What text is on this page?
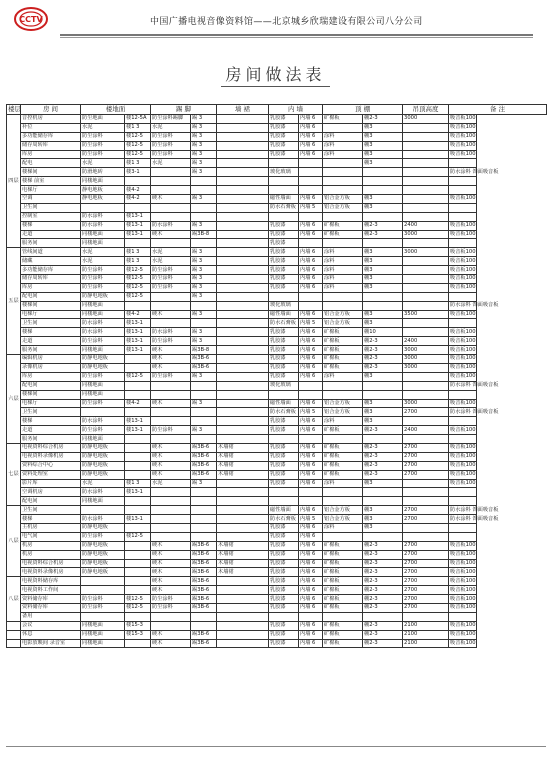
CCTV	中国广播电视音像资料馆——北京城乡欣瑞建设有限公司八分公司
房间做法表
楼层	房 间	楼地面		踢 脚		墙 裙	内 墙		顶 棚		吊顶高度	备 注
四层	音控机房	防尘地面	楼12-5A	防尘涂料踢脚	踢 3		乳胶漆	内墙 6	矿棉板	棚2-3	3000	吸音板100
	补位	水泥	楼1 3	水泥	踢 3		乳胶漆	内墙 6		棚3		吸音板100
	多功能储存库	防尘涂料	楼12-5	防尘涂料	踢 3		乳胶漆	内墙 6	涂料	棚3		吸音板100
	储存周转库	防尘涂料	楼12-5	防尘涂料	踢 3		乳胶漆	内墙 6	涂料	棚3		吸音板100
	库房	防尘涂料	楼12-5	防尘涂料	踢 3		乳胶漆	内墙 6	涂料	棚3		吸音板100
	配电	水泥	楼1 3	水泥	踢 3					棚3		
	楼梯间	防滑地砖	楼3-1		踢 3		玻化玻璃					防水涂料 饰面吸音板
	楼梯 前室	同楼地面										
	电梯厅	静电地板	楼4-2									
	空调	静电地板	楼4-2	硬木	踢 3		磁性墙面	内墙 6	铝合金方板	棚3		吸音板100
	卫生间						防水石膏板	内墙 5	铝合金方板	棚3		
	控制室	防水涂料	楼13-1									
	楼梯	防水涂料	楼13-1	防水涂料	踢 3		乳胶漆	内墙 6	矿棉板	棚2-3	2400	吸音板100
	走道	同楼地面	楼13-1	硬木	踢3B-8		乳胶漆	内墙 6	矿棉板	棚2-3	3000	吸音板100
	服务间	同楼地面					乳胶漆					
五层	管线间道	水泥	楼1 3	水泥	踢 3		乳胶漆	内墙 6	涂料	棚3	3000	吸音板100
	储藏	水泥	楼1 3	水泥	踢 3		乳胶漆	内墙 6	涂料	棚3		吸音板100
	多功能储存库	防尘涂料	楼12-5	防尘涂料	踢 3		乳胶漆	内墙 6	涂料	棚3		吸音板100
	储存周转库	防尘涂料	楼12-5	防尘涂料	踢 3		乳胶漆	内墙 6	涂料	棚3		吸音板100
	库房	防尘涂料	楼12-5	防尘涂料	踢 3		乳胶漆	内墙 6	涂料	棚3		吸音板100
	配电间	防静电地板	楼12-5		踢 3							
	楼梯间	同楼地面					玻化玻璃					防水涂料 饰面吸音板
	电梯厅	同楼地面	楼4-2	硬木	踢 3		磁性墙面	内墙 6	铝合金方板	棚3	3500	吸音板100
	卫生间	防水涂料	楼13-1				防水石膏板	内墙 5	铝合金方板	棚3		
	楼梯	防水涂料	楼13-1	防水涂料	踢 3		乳胶漆	内墙 6	矿棉板	棚10		吸音板100
	走道	防尘涂料	楼13-1	防尘涂料	踢 3		乳胶漆	内墙 6	矿棉板	棚2-3	2400	吸音板100
	服务间	同楼地面	楼13-1	硬木	踢3B-8		乳胶漆	内墙 6	矿棉板	棚2-3	3000	吸音板100
六层	编辑机房	防静电地板		硬木	踢3B-6		乳胶漆	内墙 6	矿棉板	棚2-3	3000	吸音板100
	录像机房	防静电地板		硬木	踢3B-6		乳胶漆	内墙 6	矿棉板	棚2-3	3000	吸音板100
	库房	防尘涂料	楼12-5	防尘涂料	踢 3		乳胶漆	内墙 6	涂料	棚3		吸音板100
	配电间	同楼地面					玻化玻璃					防水涂料 饰面吸音板
	楼梯间	同楼地面										
	电梯厅	防尘涂料	楼4-2	硬木	踢 3		磁性墙面	内墙 6	铝合金方板	棚3	3000	吸音板100
	卫生间						防水石膏板	内墙 5	铝合金方板	棚3	2700	防水涂料 饰面吸音板
	楼梯	防水涂料	楼13-1				乳胶漆	内墙 6	涂料	棚3		
	走道	防尘涂料	楼13-1	防尘涂料	踢 3		乳胶漆	内墙 6	矿棉板	棚2-3	2400	吸音板100
	服务间	同楼地面										
七层	电视资料综合机房	防静电地板		硬木	踢3B-6	木墙裙	乳胶漆	内墙 6	矿棉板	棚2-3	2700	吸音板100
	电视资料录像机房	防静电地板		硬木	踢3B-6	木墙裙	乳胶漆	内墙 6	矿棉板	棚2-3	2700	吸音板100
	资料综合中心	防静电地板		硬木	踢3B-6	木墙裙	乳胶漆	内墙 6	矿棉板	棚2-3	2700	吸音板100
	资料处理室	防静电地板		硬木	踢3B-6	木墙裙	乳胶漆	内墙 6	矿棉板	棚2-3	2700	吸音板100
	影片库	水泥	楼1 3	水泥	踢 3		乳胶漆	内墙 6	涂料	棚3		吸音板100
	空调机房	防水涂料	楼13-1									
	配电间	同楼地面										
八层	卫生间						磁性墙面	内墙 6	铝合金方板	棚3	2700	防水涂料 饰面吸音板
	楼梯	防水涂料	楼13-1				防水石膏板	内墙 5	铝合金方板	棚3	2700	防水涂料 饰面吸音板
	主机房	防静电地板					乳胶漆	内墙 6	涂料	棚3		
	电气间	防尘涂料	楼12-5				乳胶漆	内墙 6				
	机房	防静电地板		硬木	踢3B-6	木墙裙	乳胶漆	内墙 6	矿棉板	棚2-3	2700	吸音板100
	机房	防静电地板		硬木	踢3B-6	木墙裙	乳胶漆	内墙 6	矿棉板	棚2-3	2700	吸音板100
	电视资料综合机房	防静电地板		硬木	踢3B-6	木墙裙	乳胶漆	内墙 6	矿棉板	棚2-3	2700	吸音板100
	电视资料录像机房	防静电地板		硬木	踢3B-6	木墙裙	乳胶漆	内墙 6	矿棉板	棚2-3	2700	吸音板100
八层	电视资料储存库			硬木	踢3B-6		乳胶漆	内墙 6	矿棉板	棚2-3	2700	吸音板100
	电视资料工作间			硬木	踢3B-6		乳胶漆	内墙 6	矿棉板	棚2-3	2700	吸音板100
	资料储存库	防尘涂料	楼12-5	防尘涂料	踢3B-6		乳胶漆	内墙 6	矿棉板	棚2-3	2700	吸音板100
	资料储存库	防尘涂料	楼12-5	防尘涂料	踢3B-6		乳胶漆	内墙 6	矿棉板	棚2-3	2700	吸音板100
	备用											
	会议	同楼地面	楼15-3				乳胶漆	内墙 6	矿棉板	棚2-3	2100	吸音板100
	休息	同楼地面	楼15-3	硬木	踢3B-6		乳胶漆	内墙 6	矿棉板	棚2-3	2100	吸音板100
	电影放映间 录音室	同楼地面		硬木	踢3B-6		乳胶漆	内墙 6	矿棉板	棚2-3	2100	吸音板100
